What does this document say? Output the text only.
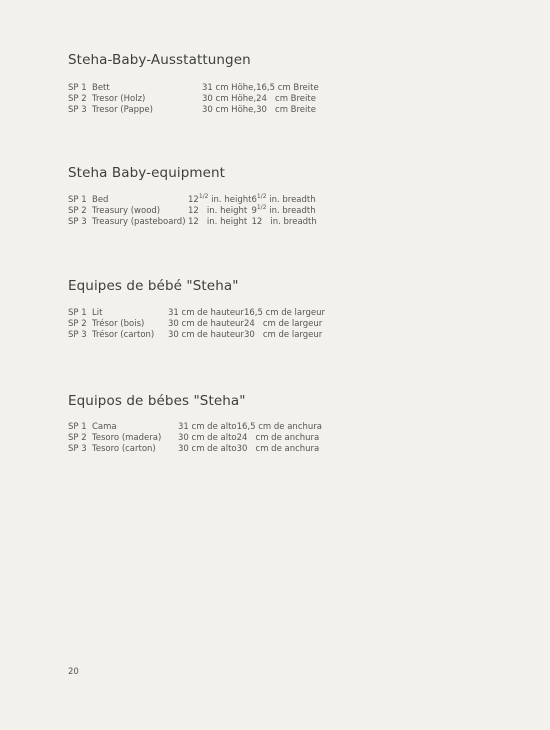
Steha-Baby-Ausstattungen
SP 1	Bett	31 cm Höhe,	16,5 cm Breite
SP 2	Tresor (Holz)	30 cm Höhe,	24   cm Breite
SP 3	Tresor (Pappe)	30 cm Höhe,	30   cm Breite
Steha Baby-equipment
SP 1	Bed	$12^{1/2}$ in. height	$6^{1/2}$ in. breadth
SP 2	Treasury (wood)	12   in. height	$9^{1/2}$ in. breadth
SP 3	Treasury (pasteboard)	12   in. height	12   in. breadth
Equipes de bébé "Steha"
SP 1	Lit	31 cm de hauteur	16,5 cm de largeur
SP 2	Trésor (bois)	30 cm de hauteur	24   cm de largeur
SP 3	Trésor (carton)	30 cm de hauteur	30   cm de largeur
Equipos de bébes "Steha"
SP 1	Cama	31 cm de alto	16,5 cm de anchura
SP 2	Tesoro (madera)	30 cm de alto	24   cm de anchura
SP 3	Tesoro (carton)	30 cm de alto	30   cm de anchura
20
